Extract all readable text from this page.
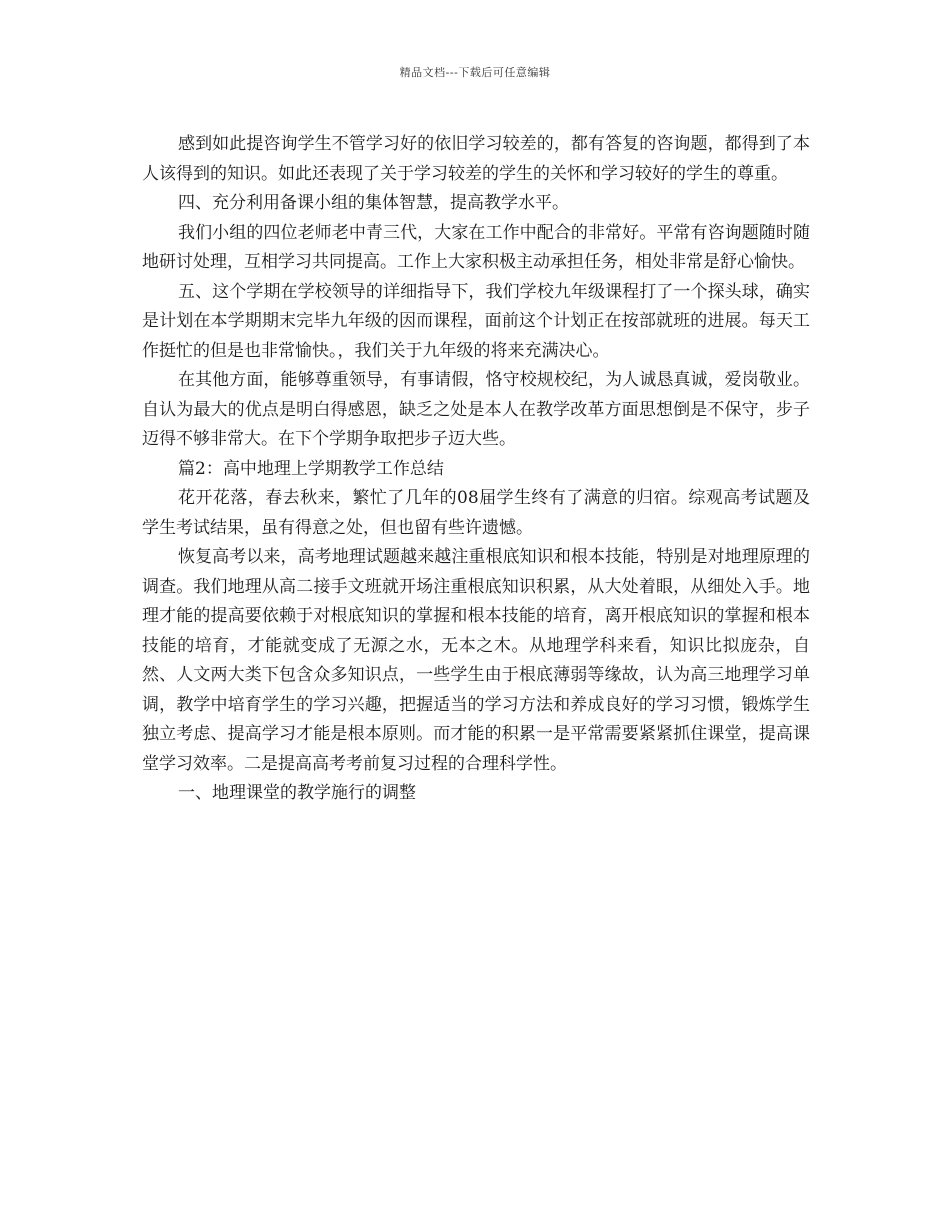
精品文档---下载后可任意编辑

感到如此提咨询学生不管学习好的依旧学习较差的，都有答复的咨询题，都得到了本人该得到的知识。如此还表现了关于学习较差的学生的关怀和学习较好的学生的尊重。

四、充分利用备课小组的集体智慧，提高教学水平。

我们小组的四位老师老中青三代，大家在工作中配合的非常好。平常有咨询题随时随地研讨处理，互相学习共同提高。工作上大家积极主动承担任务，相处非常是舒心愉快。

五、这个学期在学校领导的详细指导下，我们学校九年级课程打了一个探头球，确实是计划在本学期期末完毕九年级的因而课程，面前这个计划正在按部就班的进展。每天工作挺忙的但是也非常愉快。，我们关于九年级的将来充满决心。

在其他方面，能够尊重领导，有事请假，恪守校规校纪，为人诚恳真诚，爱岗敬业。自认为最大的优点是明白得感恩，缺乏之处是本人在教学改革方面思想倒是不保守，步子迈得不够非常大。在下个学期争取把步子迈大些。

篇2：高中地理上学期教学工作总结

花开花落，春去秋来，繁忙了几年的08届学生终有了满意的归宿。综观高考试题及学生考试结果，虽有得意之处，但也留有些许遗憾。

恢复高考以来，高考地理试题越来越注重根底知识和根本技能，特别是对地理原理的调查。我们地理从高二接手文班就开场注重根底知识积累，从大处着眼，从细处入手。地理才能的提高要依赖于对根底知识的掌握和根本技能的培育，离开根底知识的掌握和根本技能的培育，才能就变成了无源之水，无本之木。从地理学科来看，知识比拟庞杂，自然、人文两大类下包含众多知识点，一些学生由于根底薄弱等缘故，认为高三地理学习单调，教学中培育学生的学习兴趣，把握适当的学习方法和养成良好的学习习惯，锻炼学生独立考虑、提高学习才能是根本原则。而才能的积累一是平常需要紧紧抓住课堂，提高课堂学习效率。二是提高高考考前复习过程的合理科学性。

一、地理课堂的教学施行的调整
